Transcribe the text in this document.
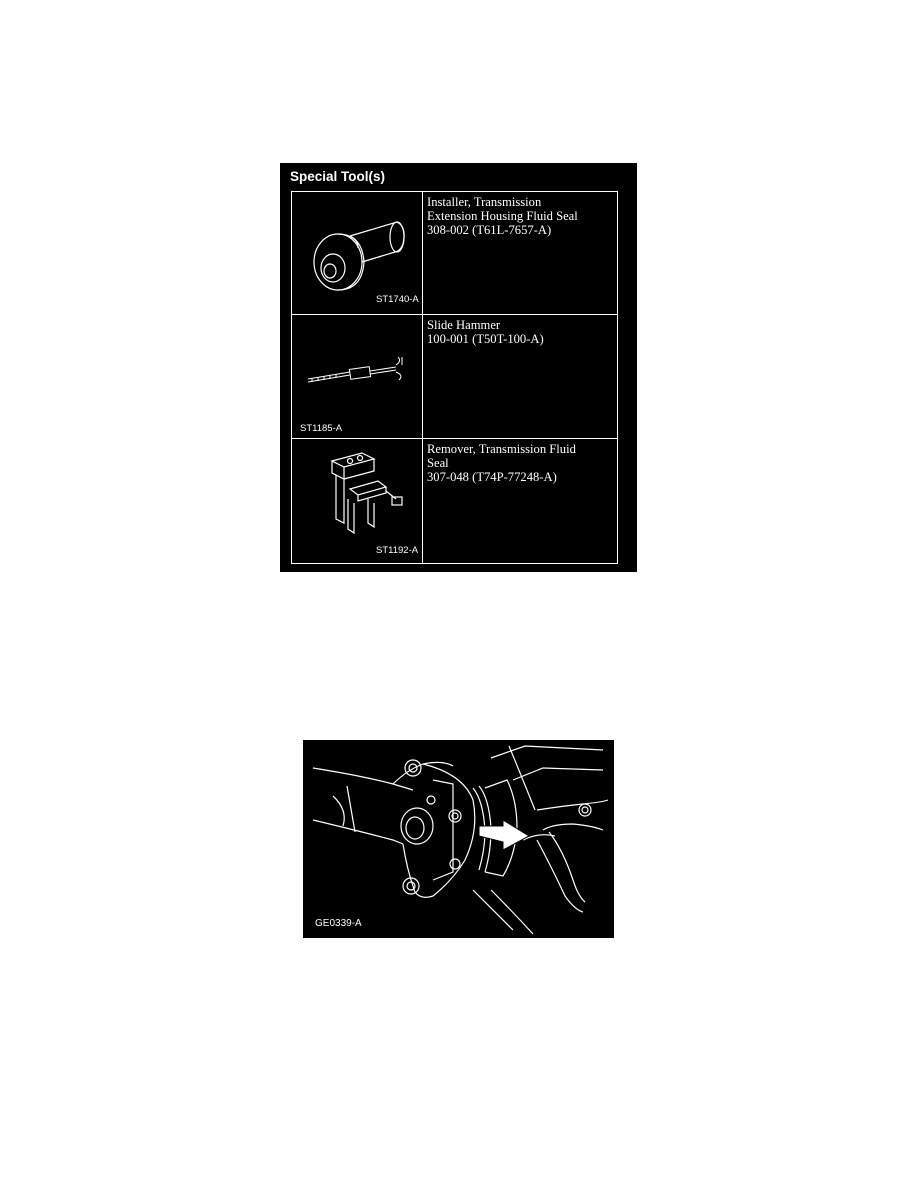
Special Tool(s)

ST1740-A	Installer, Transmission
Extension Housing Fluid Seal
308-002 (T61L-7657-A)

ST1185-A	Slide Hammer
100-001 (T50T-100-A)

ST1192-A	Remover, Transmission Fluid
Seal
307-048 (T74P-77248-A)
GE0339-A
